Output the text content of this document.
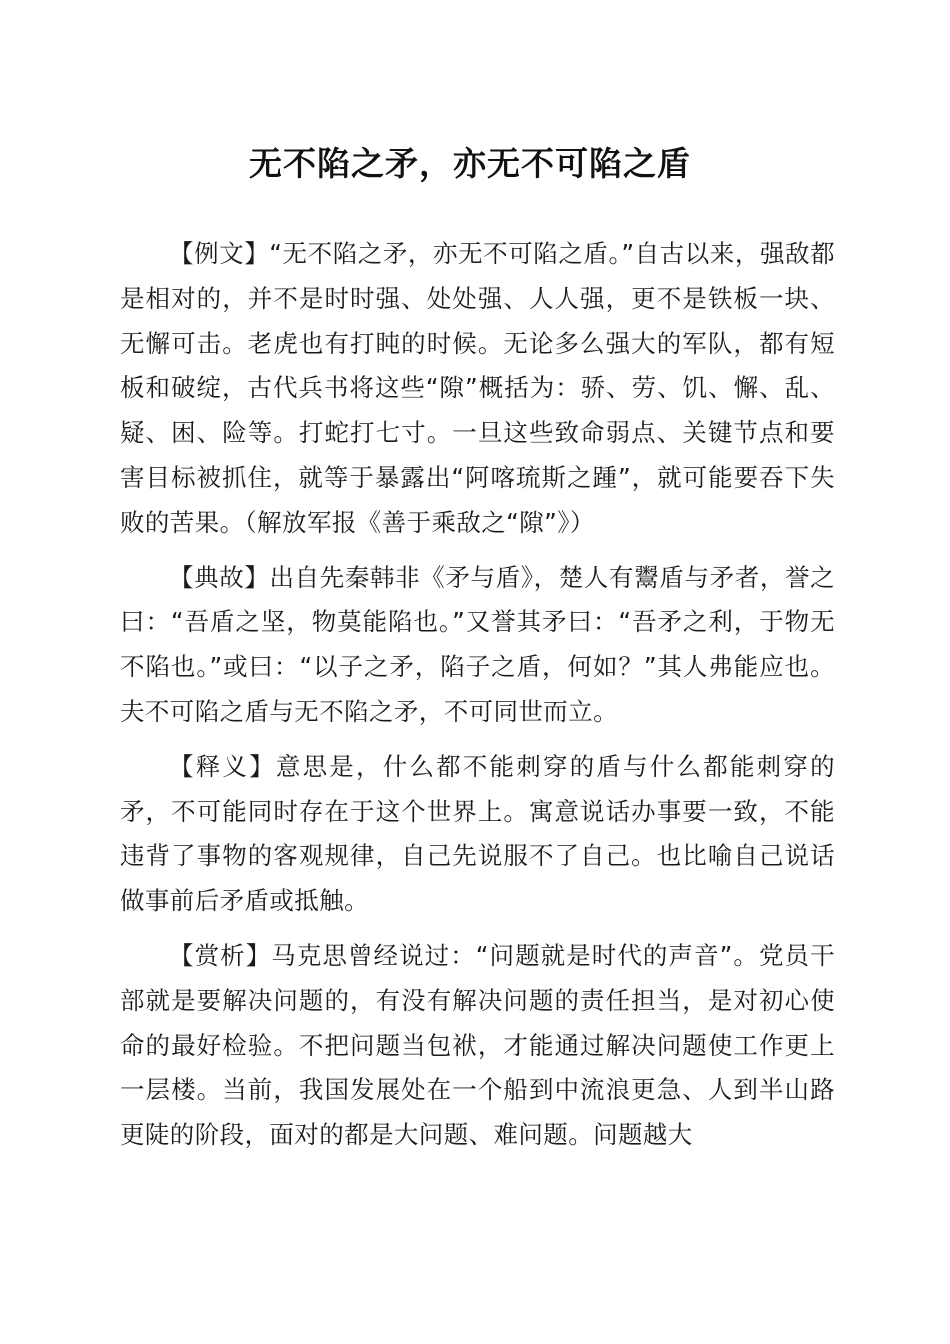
无不陷之矛，亦无不可陷之盾

【例文】“无不陷之矛，亦无不可陷之盾。”自古以来，强敌都是相对的，并不是时时强、处处强、人人强，更不是铁板一块、无懈可击。老虎也有打盹的时候。无论多么强大的军队，都有短板和破绽，古代兵书将这些“隙”概括为：骄、劳、饥、懈、乱、疑、困、险等。打蛇打七寸。一旦这些致命弱点、关键节点和要害目标被抓住，就等于暴露出“阿喀琉斯之踵”，就可能要吞下失败的苦果。（解放军报《善于乘敌之“隙”》）

【典故】出自先秦韩非《矛与盾》，楚人有鬻盾与矛者，誉之曰：“吾盾之坚，物莫能陷也。”又誉其矛曰：“吾矛之利，于物无不陷也。”或曰：“以子之矛，陷子之盾，何如？”其人弗能应也。夫不可陷之盾与无不陷之矛，不可同世而立。

【释义】意思是，什么都不能刺穿的盾与什么都能刺穿的矛，不可能同时存在于这个世界上。寓意说话办事要一致，不能违背了事物的客观规律，自己先说服不了自己。也比喻自己说话做事前后矛盾或抵触。

【赏析】马克思曾经说过：“问题就是时代的声音”。党员干部就是要解决问题的，有没有解决问题的责任担当，是对初心使命的最好检验。不把问题当包袱，才能通过解决问题使工作更上一层楼。当前，我国发展处在一个船到中流浪更急、人到半山路更陡的阶段，面对的都是大问题、难问题。问题越大
